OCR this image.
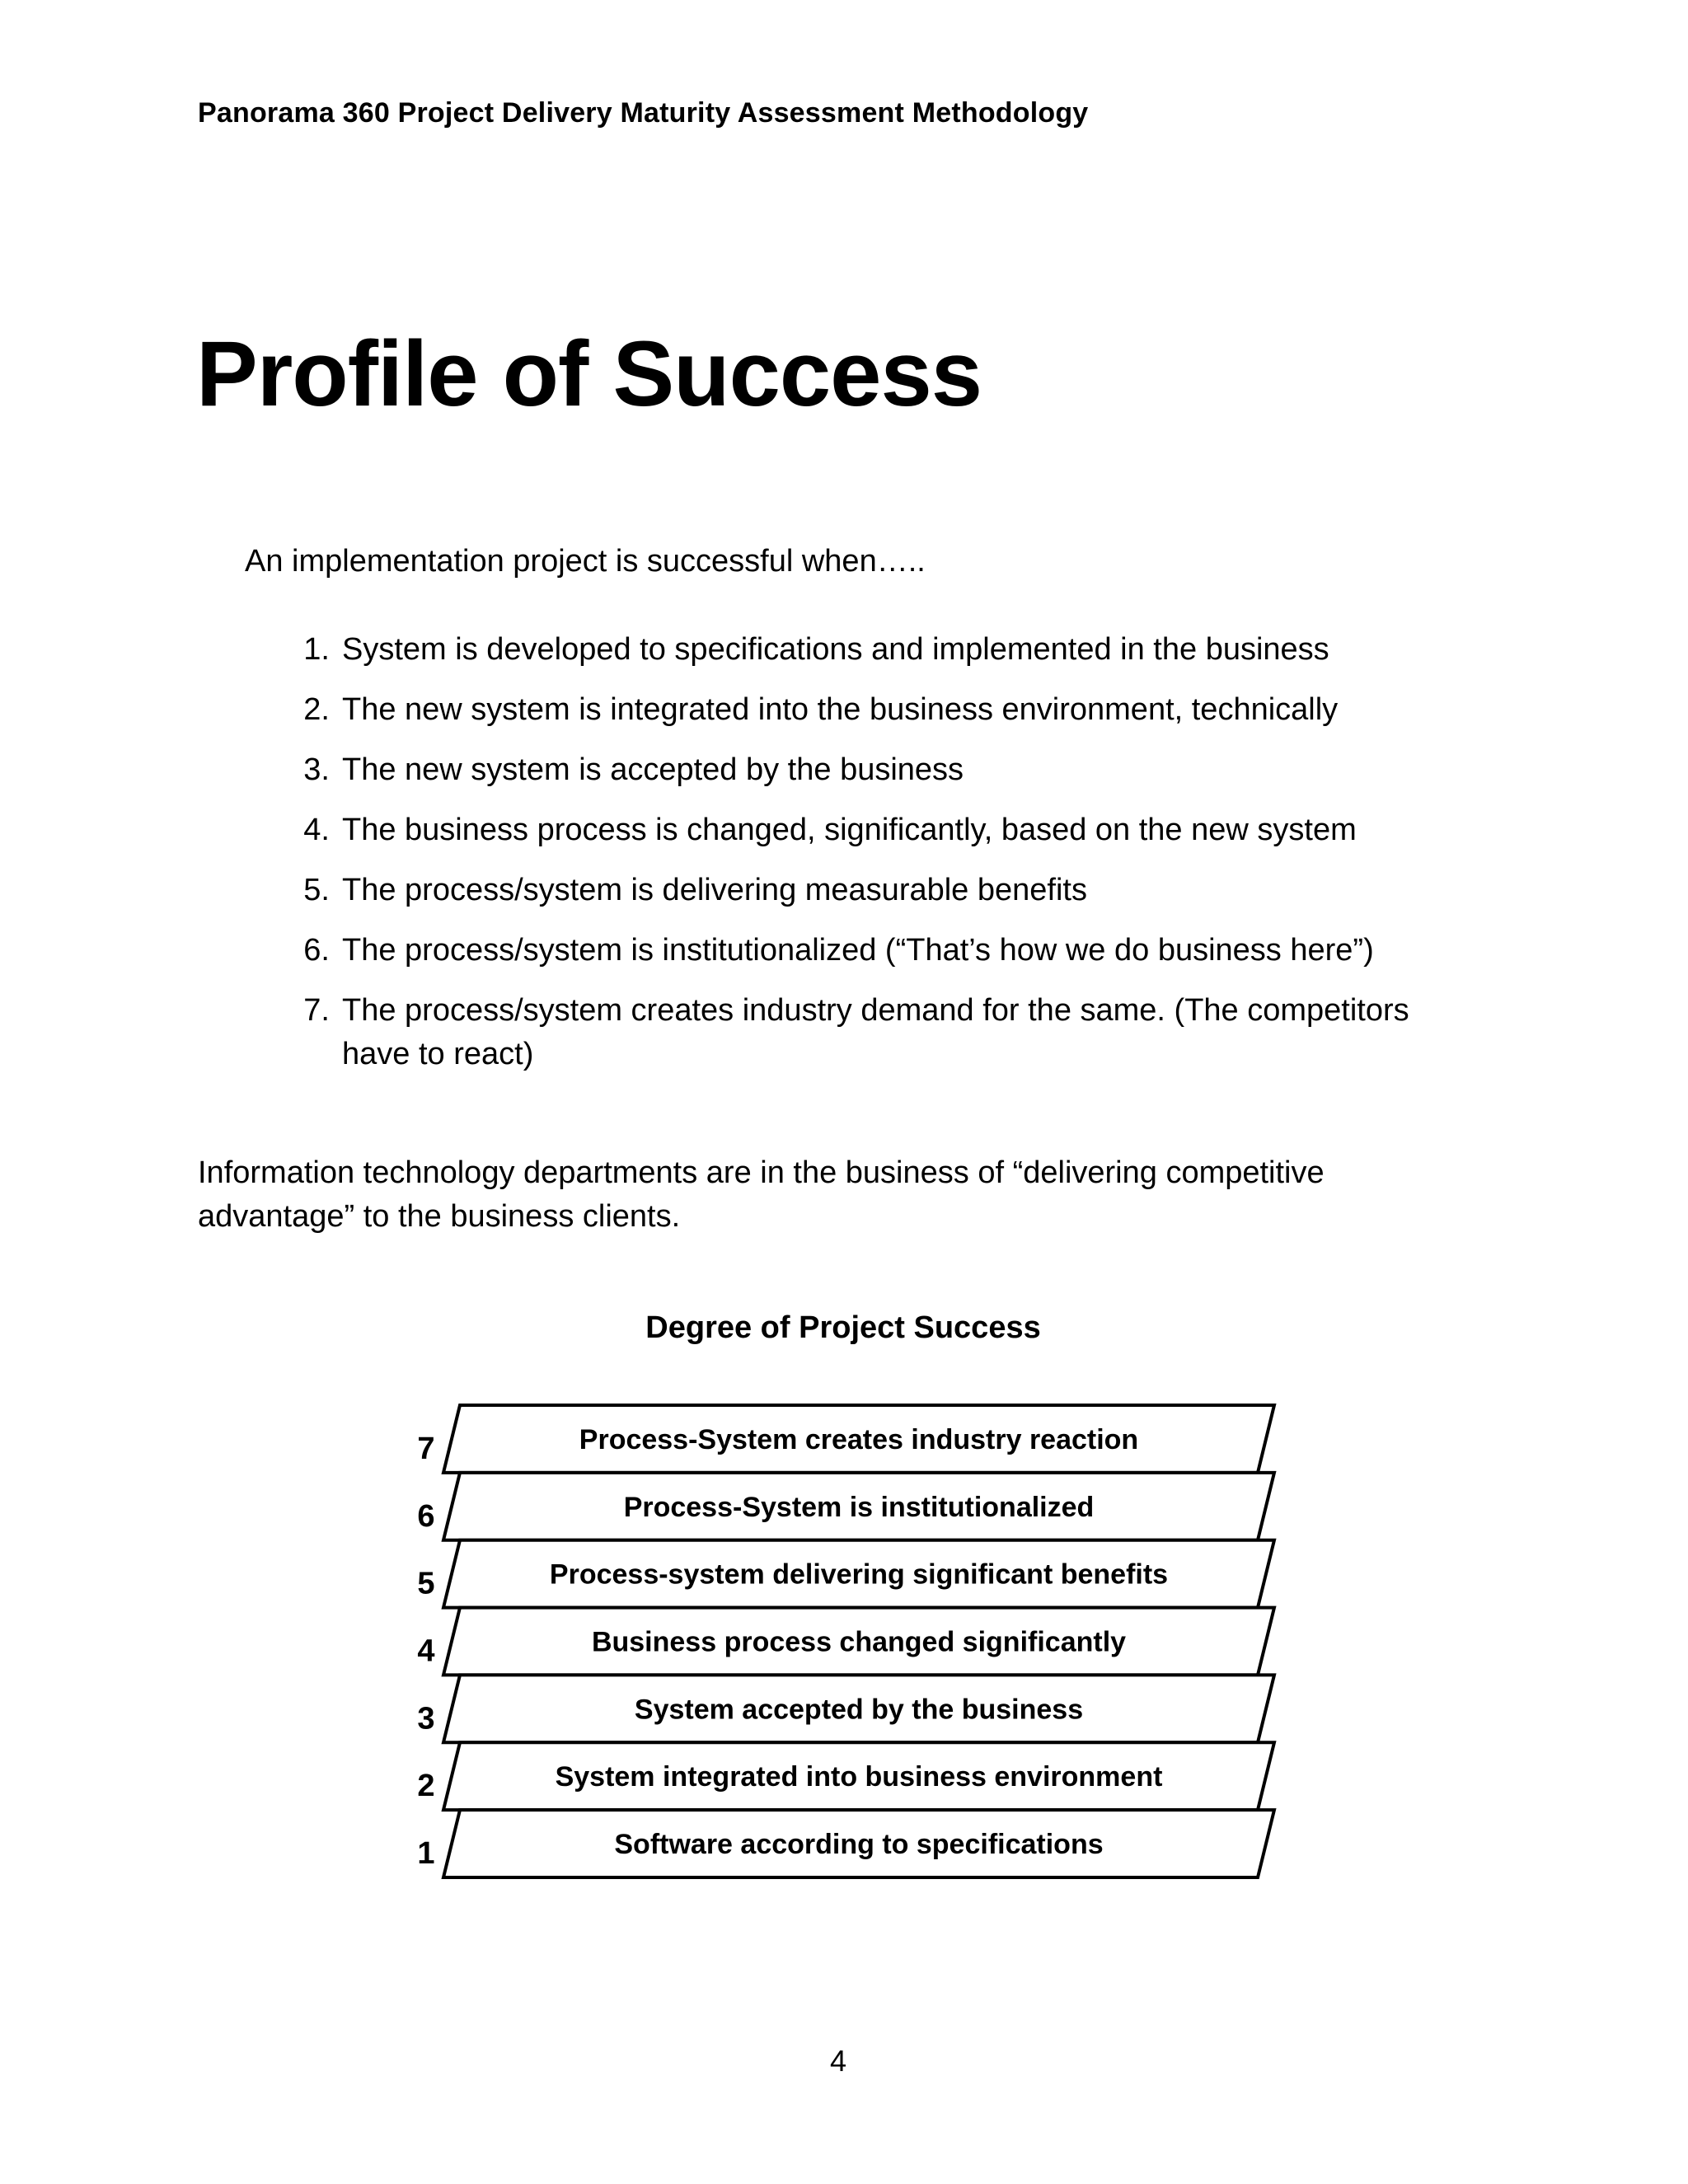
Panorama 360 Project Delivery Maturity Assessment Methodology
Profile of Success
An implementation project is successful when…..
1. System is developed to specifications and implemented in the business
2. The new system is integrated into the business environment, technically
3. The new system is accepted by the business
4. The business process is changed, significantly, based on the new system
5. The process/system is delivering measurable benefits
6. The process/system is institutionalized (“That’s how we do business here”)
7. The process/system creates industry demand for the same. (The competitors have to react)

Information technology departments are in the business of “delivering competitive advantage” to the business clients.

Degree of Project Success
Process-System creates industry reaction
7
Process-System is institutionalized
6
Process-system delivering significant benefits
5
Business process changed significantly
4
System accepted by the business
3
System integrated into business environment
2
Software according to specifications
1
4
